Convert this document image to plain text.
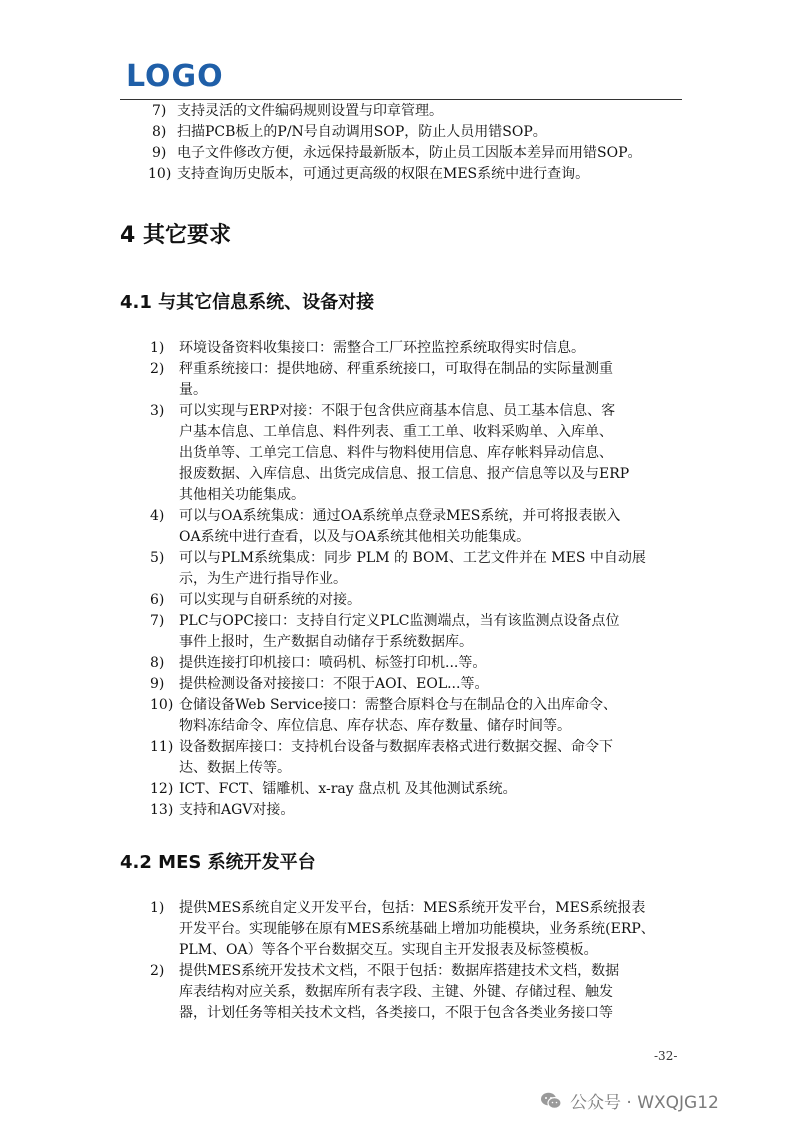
LOGO
7) 支持灵活的文件编码规则设置与印章管理。
8) 扫描PCB板上的P/N号自动调用SOP，防止人员用错SOP。
9) 电子文件修改方便，永远保持最新版本，防止员工因版本差异而用错SOP。
10) 支持查询历史版本，可通过更高级的权限在MES系统中进行查询。
4 其它要求
4.1 与其它信息系统、设备对接
1) 环境设备资料收集接口：需整合工厂环控监控系统取得实时信息。
2) 秤重系统接口：提供地磅、秤重系统接口，可取得在制品的实际量测重
量。
3) 可以实现与ERP对接：不限于包含供应商基本信息、员工基本信息、客
户基本信息、工单信息、料件列表、重工工单、收料采购单、入库单、
出货单等、工单完工信息、料件与物料使用信息、库存帐料异动信息、
报废数据、入库信息、出货完成信息、报工信息、报产信息等以及与ERP
其他相关功能集成。
4) 可以与OA系统集成：通过OA系统单点登录MES系统，并可将报表嵌入
OA系统中进行查看，以及与OA系统其他相关功能集成。
5) 可以与PLM系统集成：同步 PLM 的 BOM、工艺文件并在 MES 中自动展
示，为生产进行指导作业。
6) 可以实现与自研系统的对接。
7) PLC与OPC接口：支持自行定义PLC监测端点，当有该监测点设备点位
事件上报时，生产数据自动储存于系统数据库。
8) 提供连接打印机接口：喷码机、标签打印机...等。
9) 提供检测设备对接接口：不限于AOI、EOL...等。
10) 仓储设备Web Service接口：需整合原料仓与在制品仓的入出库命令、
物料冻结命令、库位信息、库存状态、库存数量、储存时间等。
11) 设备数据库接口：支持机台设备与数据库表格式进行数据交握、命令下
达、数据上传等。
12) ICT、FCT、镭雕机、x-ray 盘点机 及其他测试系统。
13) 支持和AGV对接。
4.2 MES 系统开发平台
1) 提供MES系统自定义开发平台，包括：MES系统开发平台，MES系统报表
开发平台。实现能够在原有MES系统基础上增加功能模块，业务系统(ERP、
PLM、OA）等各个平台数据交互。实现自主开发报表及标签模板。
2) 提供MES系统开发技术文档，不限于包括：数据库搭建技术文档，数据
库表结构对应关系，数据库所有表字段、主键、外键、存储过程、触发
器，计划任务等相关技术文档，各类接口，不限于包含各类业务接口等
-32-
公众号 · WXQJG12
